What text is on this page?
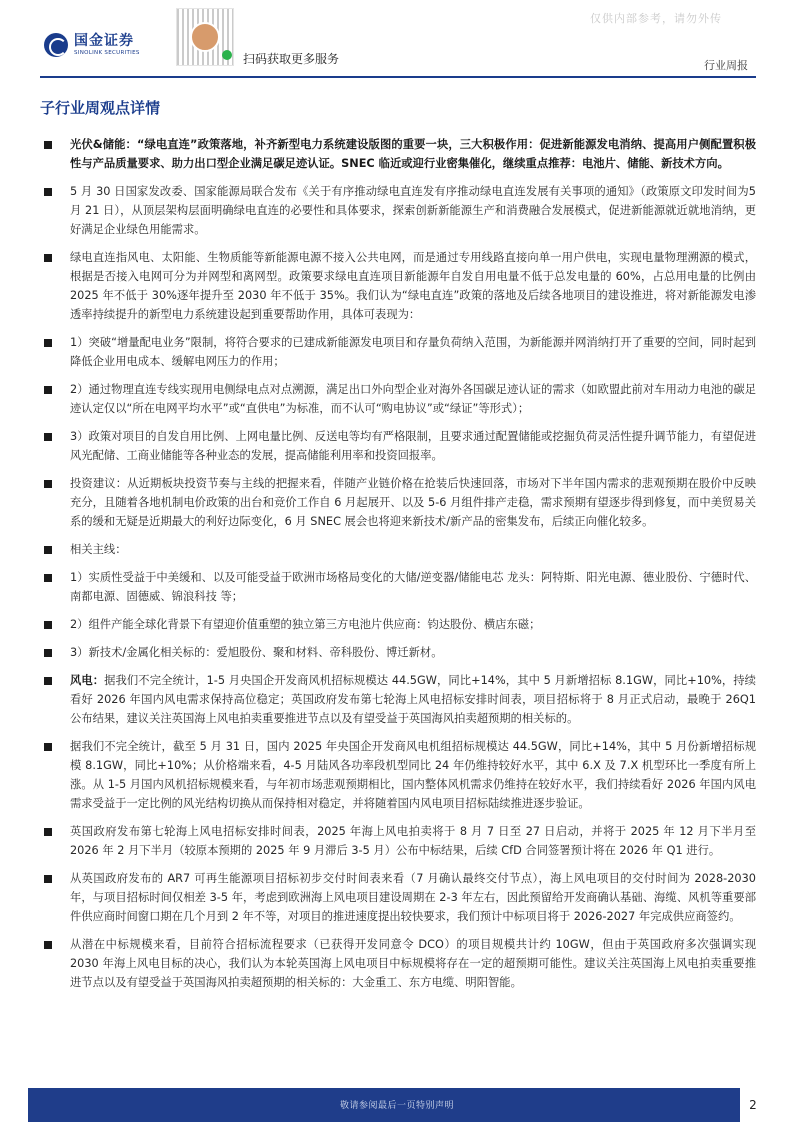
国金证券
SINOLINK SECURITIES	扫码获取更多服务
仅供内部参考，请勿外传
行业周报
子行业周观点详情
光伏&储能：“绿电直连”政策落地，补齐新型电力系统建设版图的重要一块，三大积极作用：促进新能源发电消纳、提高用户侧配置积极性与产品质量要求、助力出口型企业满足碳足迹认证。SNEC 临近或迎行业密集催化，继续重点推荐：电池片、储能、新技术方向。
5 月 30 日国家发改委、国家能源局联合发布《关于有序推动绿电直连发有序推动绿电直连发展有关事项的通知》（政策原文印发时间为5 月 21 日），从顶层架构层面明确绿电直连的必要性和具体要求，探索创新新能源生产和消费融合发展模式，促进新能源就近就地消纳，更好满足企业绿色用能需求。
绿电直连指风电、太阳能、生物质能等新能源电源不接入公共电网，而是通过专用线路直接向单一用户供电，实现电量物理溯源的模式，根据是否接入电网可分为并网型和离网型。政策要求绿电直连项目新能源年自发自用电量不低于总发电量的 60%，占总用电量的比例由 2025 年不低于 30%逐年提升至 2030 年不低于 35%。我们认为“绿电直连”政策的落地及后续各地项目的建设推进，将对新能源发电渗透率持续提升的新型电力系统建设起到重要帮助作用，具体可表现为：
1）突破“增量配电业务”限制，将符合要求的已建成新能源发电项目和存量负荷纳入范围，为新能源并网消纳打开了重要的空间，同时起到降低企业用电成本、缓解电网压力的作用；
2）通过物理直连专线实现用电侧绿电点对点溯源，满足出口外向型企业对海外各国碳足迹认证的需求（如欧盟此前对车用动力电池的碳足迹认定仅以“所在电网平均水平”或“直供电”为标准，而不认可“购电协议”或“绿证”等形式）；
3）政策对项目的自发自用比例、上网电量比例、反送电等均有严格限制，且要求通过配置储能或挖掘负荷灵活性提升调节能力，有望促进风光配储、工商业储能等各种业态的发展，提高储能利用率和投资回报率。
投资建议：从近期板块投资节奏与主线的把握来看，伴随产业链价格在抢装后快速回落，市场对下半年国内需求的悲观预期在股价中反映充分，且随着各地机制电价政策的出台和竞价工作自 6 月起展开、以及 5-6 月组件排产走稳，需求预期有望逐步得到修复，而中美贸易关系的缓和无疑是近期最大的利好边际变化，6 月 SNEC 展会也将迎来新技术/新产品的密集发布，后续正向催化较多。
相关主线：
1）实质性受益于中美缓和、以及可能受益于欧洲市场格局变化的大储/逆变器/储能电芯 龙头：阿特斯、阳光电源、德业股份、宁德时代、南都电源、固德威、锦浪科技 等；
2）组件产能全球化背景下有望迎价值重塑的独立第三方电池片供应商：钧达股份、横店东磁；
3）新技术/金属化相关标的：爱旭股份、聚和材料、帝科股份、博迁新材。
风电：据我们不完全统计，1-5 月央国企开发商风机招标规模达 44.5GW，同比+14%，其中 5 月新增招标 8.1GW，同比+10%，持续看好 2026 年国内风电需求保持高位稳定；英国政府发布第七轮海上风电招标安排时间表，项目招标将于 8 月正式启动，最晚于 26Q1 公布结果，建议关注英国海上风电拍卖重要推进节点以及有望受益于英国海风拍卖超预期的相关标的。
据我们不完全统计，截至 5 月 31 日，国内 2025 年央国企开发商风电机组招标规模达 44.5GW，同比+14%，其中 5 月份新增招标规模 8.1GW，同比+10%；从价格端来看，4-5 月陆风各功率段机型同比 24 年仍维持较好水平，其中 6.X 及 7.X 机型环比一季度有所上涨。从 1-5 月国内风机招标规模来看，与年初市场悲观预期相比，国内整体风机需求仍维持在较好水平，我们持续看好 2026 年国内风电需求受益于一定比例的风光结构切换从而保持相对稳定，并将随着国内风电项目招标陆续推进逐步验证。
英国政府发布第七轮海上风电招标安排时间表，2025 年海上风电拍卖将于 8 月 7 日至 27 日启动，并将于 2025 年 12 月下半月至 2026 年 2 月下半月（较原本预期的 2025 年 9 月滞后 3-5 月）公布中标结果，后续 CfD 合同签署预计将在 2026 年 Q1 进行。
从英国政府发布的 AR7 可再生能源项目招标初步交付时间表来看（7 月确认最终交付节点），海上风电项目的交付时间为 2028-2030 年，与项目招标时间仅相差 3-5 年，考虑到欧洲海上风电项目建设周期在 2-3 年左右，因此预留给开发商确认基础、海缆、风机等重要部件供应商时间窗口期在几个月到 2 年不等，对项目的推进速度提出较快要求，我们预计中标项目将于 2026-2027 年完成供应商签约。
从潜在中标规模来看，目前符合招标流程要求（已获得开发同意令 DCO）的项目规模共计约 10GW，但由于英国政府多次强调实现 2030 年海上风电目标的决心，我们认为本轮英国海上风电项目中标规模将存在一定的超预期可能性。建议关注英国海上风电拍卖重要推进节点以及有望受益于英国海风拍卖超预期的相关标的：大金重工、东方电缆、明阳智能。
敬请参阅最后一页特别声明	2
